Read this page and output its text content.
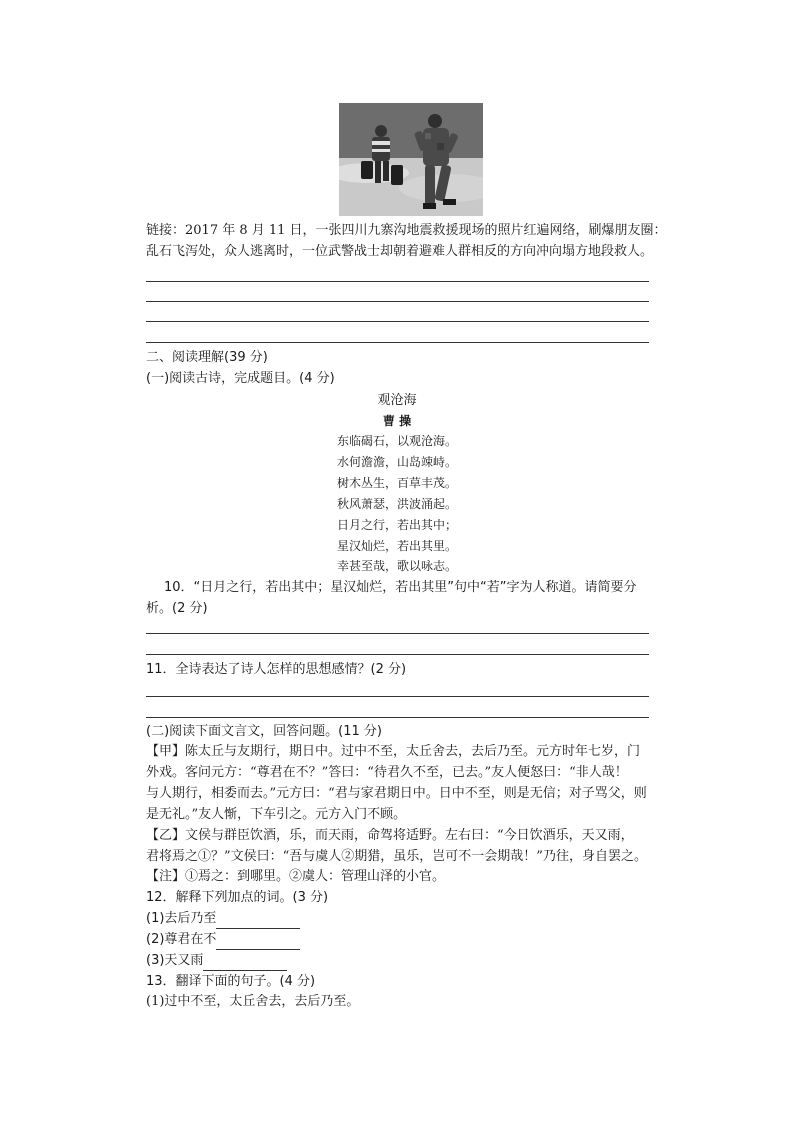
链接：2017 年 8 月 11 日，一张四川九寨沟地震救援现场的照片红遍网络，刷爆朋友圈：
乱石飞泻处，众人逃离时，一位武警战士却朝着避难人群相反的方向冲向塌方地段救人。
二、阅读理解(39 分)
(一)阅读古诗，完成题目。(4 分)
观沧海
曹 操
东临碣石，以观沧海。
水何澹澹，山岛竦峙。
树木丛生，百草丰茂。
秋风萧瑟，洪波涌起。
日月之行，若出其中；
星汉灿烂，若出其里。
幸甚至哉，歌以咏志。
10．“日月之行，若出其中；星汉灿烂，若出其里”句中“若”字为人称道。请简要分
析。(2 分)
11．全诗表达了诗人怎样的思想感情？(2 分)
(二)阅读下面文言文，回答问题。(11 分)
【甲】陈太丘与友期行，期日中。过中不至，太丘舍去，去后乃至。元方时年七岁，门
外戏。客问元方：“尊君在不？”答曰：“待君久不至，已去。”友人便怒曰：“非人哉！
与人期行，相委而去。”元方曰：“君与家君期日中。日中不至，则是无信；对子骂父，则
是无礼。”友人惭，下车引之。元方入门不顾。
【乙】文侯与群臣饮酒，乐，而天雨，命驾将适野。左右曰：“今日饮酒乐，天又雨，
君将焉之①？”文侯曰：“吾与虞人②期猎，虽乐，岂可不一会期哉！”乃往，身自罢之。
【注】①焉之：到哪里。②虞人：管理山泽的小官。
12．解释下列加点的词。(3 分)
(1)去后乃至
(2)尊君在不
(3)天又雨
13．翻译下面的句子。(4 分)
(1)过中不至，太丘舍去，去后乃至。
